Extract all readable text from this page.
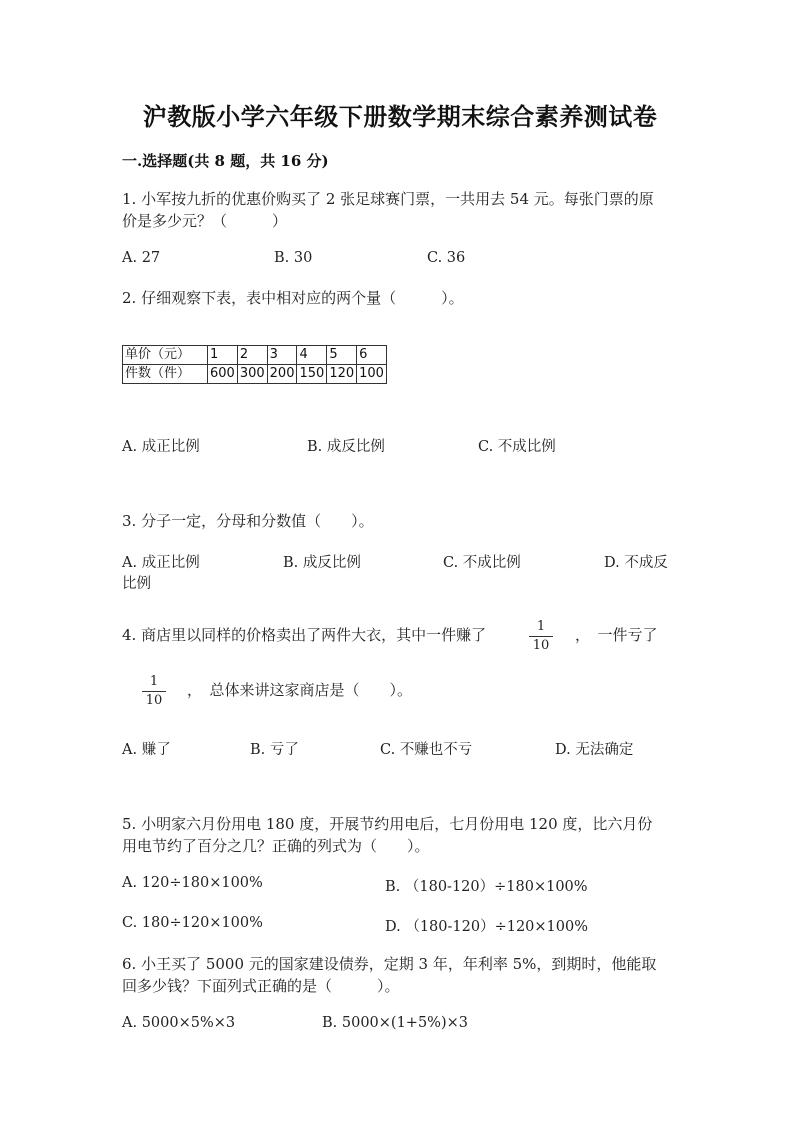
沪教版小学六年级下册数学期末综合素养测试卷
一.选择题(共 8 题，共 16 分)
1. 小军按九折的优惠价购买了 2 张足球赛门票，一共用去 54 元。每张门票的原
价是多少元？（　　　）
A. 27	B. 30	C. 36
2. 仔细观察下表，表中相对应的两个量（　　　）。
单价（元）	1	2	3	4	5	6
件数（件）	600	300	200	150	120	100
A. 成正比例	B. 成反比例	C. 不成比例
3. 分子一定，分母和分数值（　　）。
A. 成正比例	B. 成反比例	C. 不成比例	D. 不成反
比例
4. 商店里以同样的价格卖出了两件大衣，其中一件赚了	1
10
，　一件亏了
1
10
，　总体来讲这家商店是（　　）。
A. 赚了	B. 亏了	C. 不赚也不亏	D. 无法确定
5. 小明家六月份用电 180 度，开展节约用电后，七月份用电 120 度，比六月份
用电节约了百分之几？正确的列式为（　　）。
A. 120÷180×100%	B. （180-120）÷180×100%
C. 180÷120×100%	D. （180-120）÷120×100%
6. 小王买了 5000 元的国家建设债券，定期 3 年，年利率 5%，到期时，他能取
回多少钱？下面列式正确的是（　　　）。
A. 5000×5%×3	B. 5000×(1+5%)×3
